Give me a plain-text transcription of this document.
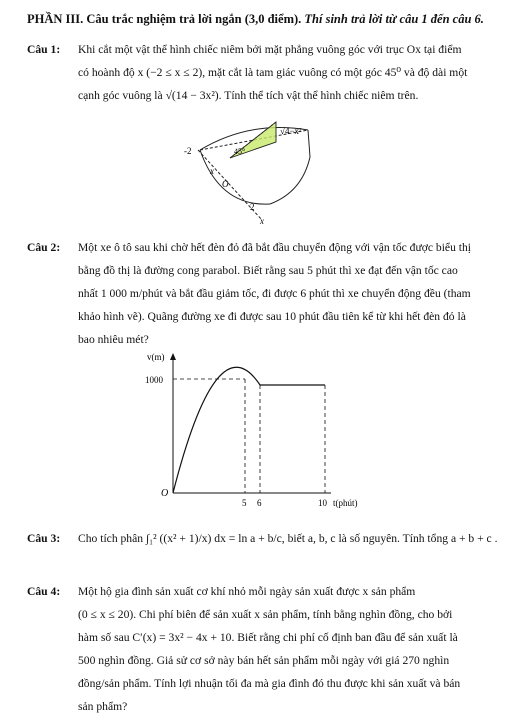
PHẦN III. Câu trắc nghiệm trả lời ngắn (3,0 điểm). Thí sinh trả lời từ câu 1 đến câu 6.
Câu 1: Khi cắt một vật thể hình chiếc niêm bởi mặt phẳng vuông góc với trục Ox tại điểm

có hoành độ x (−2 ≤ x ≤ 2), mặt cắt là tam giác vuông có một góc 45⁰ và độ dài một

cạnh góc vuông là √(14 − 3x²). Tính thể tích vật thể hình chiếc niêm trên.

√4−x²
45°
-2
x
O
2
x
Câu 2: Một xe ô tô sau khi chờ hết đèn đỏ đã bắt đầu chuyển động với vận tốc được biểu thị

bằng đồ thị là đường cong parabol. Biết rằng sau 5 phút thì xe đạt đến vận tốc cao

nhất 1 000 m/phút và bắt đầu giảm tốc, đi được 6 phút thì xe chuyển động đều (tham

khảo hình vẽ). Quãng đường xe đi được sau 10 phút đầu tiên kể từ khi hết đèn đỏ là

bao nhiêu mét?

v(m)
1000
O
5 6	10 t(phút)
Câu 3: Cho tích phân ∫₁² ((x² + 1)/x) dx = ln a + b/c, biết a, b, c là số nguyên. Tính tổng a + b + c .

Câu 4: Một hộ gia đình sản xuất cơ khí nhỏ mỗi ngày sản xuất được x sản phẩm

(0 ≤ x ≤ 20). Chi phí biên để sản xuất x sản phẩm, tính bằng nghìn đồng, cho bởi

hàm số sau C′(x) = 3x² − 4x + 10. Biết rằng chi phí cố định ban đầu để sản xuất là

500 nghìn đồng. Giả sử cơ sở này bán hết sản phẩm mỗi ngày với giá 270 nghìn

đồng/sản phẩm. Tính lợi nhuận tối đa mà gia đình đó thu được khi sản xuất và bán

sản phẩm?
